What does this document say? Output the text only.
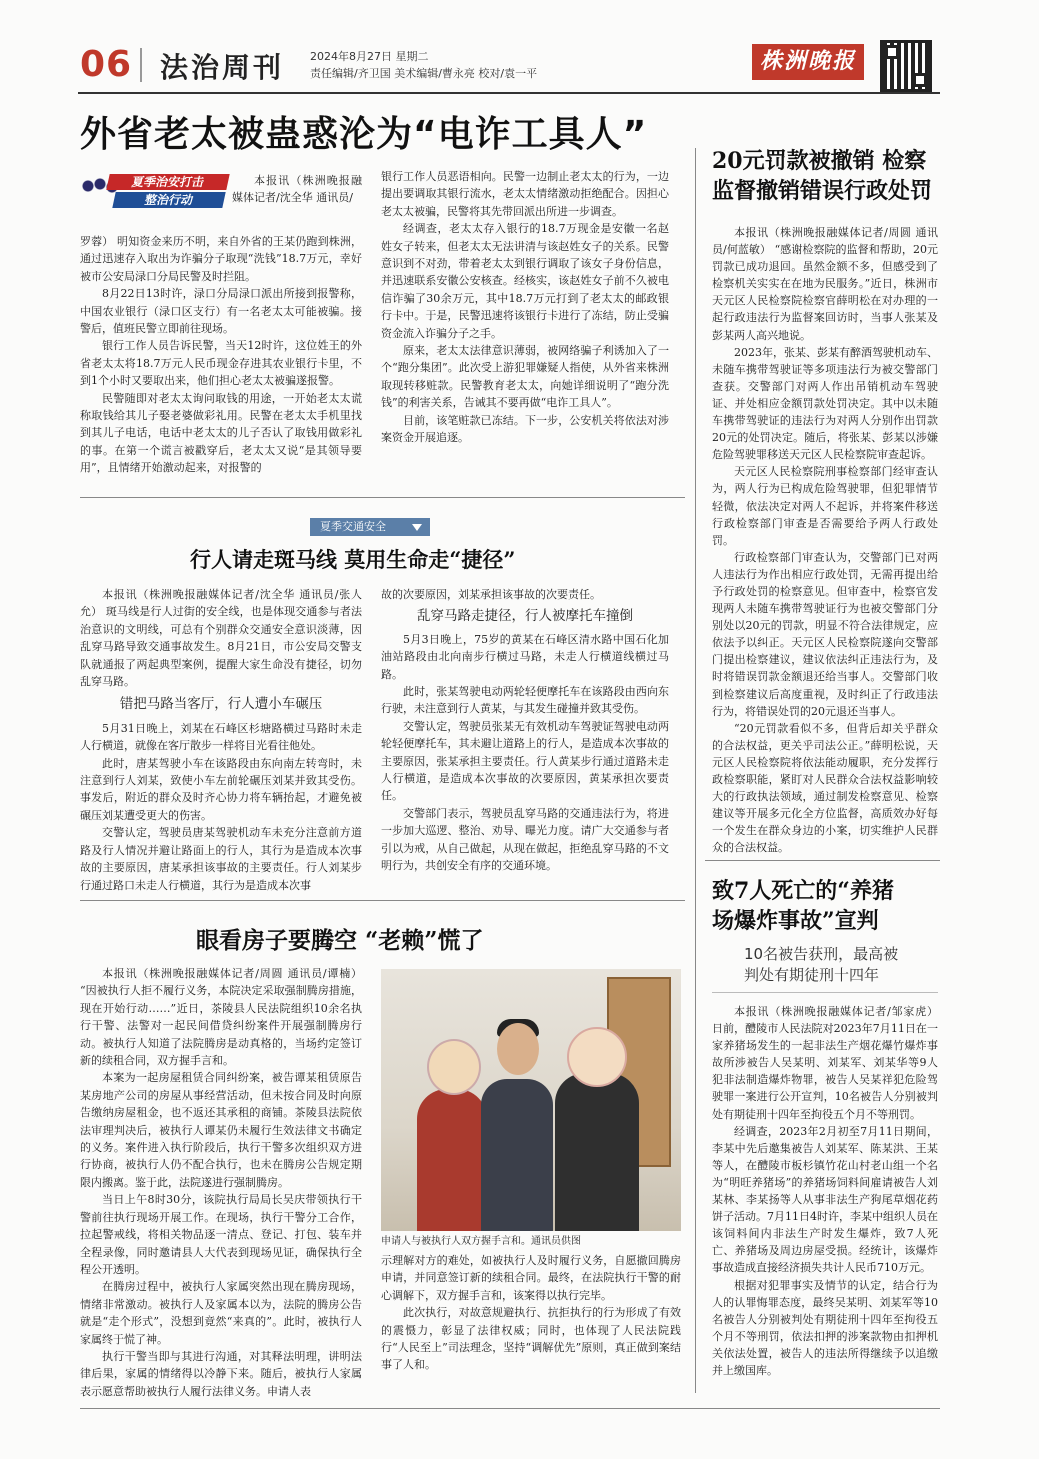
06 法治周刊 2024年8月27日 星期二
责任编辑/齐卫国 美术编辑/曹永亮 校对/袁一平	株洲晚报
外省老太被蛊惑沦为“电诈工具人”
夏季治安打击
整治行动

本报讯（株洲晚报融媒体记者/沈全华 通讯员/

罗蓉） 明知资金来历不明，来自外省的王某仍跑到株洲，通过迅速存入取出为诈骗分子取现“洗钱”18.7万元，幸好被市公安局渌口分局民警及时拦阻。

8月22日13时许，渌口分局渌口派出所接到报警称，中国农业银行（渌口区支行）有一名老太太可能被骗。接警后，值班民警立即前往现场。

银行工作人员告诉民警，当天12时许，这位姓王的外省老太太将18.7万元人民币现金存进其农业银行卡里，不到1个小时又要取出来，他们担心老太太被骗遂报警。

民警随即对老太太询问取钱的用途，一开始老太太谎称取钱给其儿子娶老婆做彩礼用。民警在老太太手机里找到其儿子电话，电话中老太太的儿子否认了取钱用做彩礼的事。在第一个谎言被戳穿后，老太太又说“是其领导要用”，且情绪开始激动起来，对报警的

银行工作人员恶语相向。民警一边制止老太太的行为，一边提出要调取其银行流水，老太太情绪激动拒绝配合。因担心老太太被骗，民警将其先带回派出所进一步调查。

经调查，老太太存入银行的18.7万现金是安徽一名赵姓女子转来，但老太太无法讲清与该赵姓女子的关系。民警意识到不对劲，带着老太太到银行调取了该女子身份信息，并迅速联系安徽公安核查。经核实，该赵姓女子前不久被电信诈骗了30余万元，其中18.7万元打到了老太太的邮政银行卡中。于是，民警迅速将该银行卡进行了冻结，防止受骗资金流入诈骗分子之手。

原来，老太太法律意识薄弱，被网络骗子利诱加入了一个“跑分集团”。此次受上游犯罪嫌疑人指使，从外省来株洲取现转移赃款。民警教育老太太，向她详细说明了“跑分洗钱”的利害关系，告诫其不要再做“电诈工具人”。

目前，该笔赃款已冻结。下一步，公安机关将依法对涉案资金开展追逐。

夏季交通安全
行人请走斑马线 莫用生命走“捷径”

本报讯（株洲晚报融媒体记者/沈全华 通讯员/张人允） 斑马线是行人过街的安全线，也是体现交通参与者法治意识的文明线，可总有个别群众交通安全意识淡薄，因乱穿马路导致交通事故发生。8月21日，市公安局交警支队就通报了两起典型案例，提醒大家生命没有捷径，切勿乱穿马路。

错把马路当客厅，行人遭小车碾压

5月31日晚上，刘某在石峰区杉塘路横过马路时未走人行横道，就像在客厅散步一样将目光看往他处。

此时，唐某驾驶小车在该路段由东向南左转弯时，未注意到行人刘某，致使小车左前轮碾压刘某并致其受伤。事发后，附近的群众及时齐心协力将车辆抬起，才避免被碾压刘某遭受更大的伤害。

交警认定，驾驶员唐某驾驶机动车未充分注意前方道路及行人情况并避让路面上的行人，其行为是造成本次事故的主要原因，唐某承担该事故的主要责任。行人刘某步行通过路口未走人行横道，其行为是造成本次事

故的次要原因，刘某承担该事故的次要责任。

乱穿马路走捷径，行人被摩托车撞倒

5月3日晚上，75岁的黄某在石峰区清水路中国石化加油站路段由北向南步行横过马路，未走人行横道线横过马路。

此时，张某驾驶电动两轮轻便摩托车在该路段由西向东行驶，未注意到行人黄某，与其发生碰撞并致其受伤。

交警认定，驾驶员张某无有效机动车驾驶证驾驶电动两轮轻便摩托车，其未避让道路上的行人，是造成本次事故的主要原因，张某承担主要责任。行人黄某步行通过道路未走人行横道，是造成本次事故的次要原因，黄某承担次要责任。

交警部门表示，驾驶员乱穿马路的交通违法行为，将进一步加大巡逻、整治、劝导、曝光力度。请广大交通参与者引以为戒，从自己做起，从现在做起，拒绝乱穿马路的不文明行为，共创安全有序的交通环境。

眼看房子要腾空 “老赖”慌了

本报讯（株洲晚报融媒体记者/周圆 通讯员/谭楠） “因被执行人拒不履行义务，本院决定采取强制腾房措施，现在开始行动……”近日，茶陵县人民法院组织10余名执行干警、法警对一起民间借贷纠纷案件开展强制腾房行动。被执行人知道了法院腾房是动真格的，当场约定签订新的续租合同，双方握手言和。

本案为一起房屋租赁合同纠纷案，被告谭某租赁原告某房地产公司的房屋从事经营活动，但未按合同及时向原告缴纳房屋租金，也不返还其承租的商铺。茶陵县法院依法审理判决后，被执行人谭某仍未履行生效法律文书确定的义务。案件进入执行阶段后，执行干警多次组织双方进行协商，被执行人仍不配合执行，也未在腾房公告规定期限内搬离。鉴于此，法院遂进行强制腾房。

当日上午8时30分，该院执行局局长吴庆带领执行干警前往执行现场开展工作。在现场，执行干警分工合作，拉起警戒线，将相关物品逐一清点、登记、打包、装车并全程录像，同时邀请县人大代表到现场见证，确保执行全程公开透明。

在腾房过程中，被执行人家属突然出现在腾房现场，情绪非常激动。被执行人及家属本以为，法院的腾房公告就是“走个形式”，没想到竟然“来真的”。此时，被执行人家属终于慌了神。

执行干警当即与其进行沟通，对其释法明理，讲明法律后果，家属的情绪得以冷静下来。随后，被执行人家属表示愿意帮助被执行人履行法律义务。申请人表

申请人与被执行人双方握手言和。通讯员供图

示理解对方的难处，如被执行人及时履行义务，自愿撤回腾房申请，并同意签订新的续租合同。最终，在法院执行干警的耐心调解下，双方握手言和，该案得以执行完毕。

此次执行，对故意规避执行、抗拒执行的行为形成了有效的震慑力，彰显了法律权威；同时，也体现了人民法院践行“人民至上”司法理念，坚持“调解优先”原则，真正做到案结事了人和。

20元罚款被撤销 检察
监督撤销错误行政处罚

本报讯（株洲晚报融媒体记者/周圆 通讯员/何蓝敏） “感谢检察院的监督和帮助，20元罚款已成功退回。虽然金额不多，但感受到了检察机关实实在在地为民服务。”近日，株洲市天元区人民检察院检察官薛明松在对办理的一起行政违法行为监督案回访时，当事人张某及彭某两人高兴地说。

2023年，张某、彭某有醉酒驾驶机动车、未随车携带驾驶证等多项违法行为被交警部门查获。交警部门对两人作出吊销机动车驾驶证、并处相应金额罚款处罚决定。其中以未随车携带驾驶证的违法行为对两人分别作出罚款20元的处罚决定。随后，将张某、彭某以涉嫌危险驾驶罪移送天元区人民检察院审查起诉。

天元区人民检察院刑事检察部门经审查认为，两人行为已构成危险驾驶罪，但犯罪情节轻微，依法决定对两人不起诉，并将案件移送行政检察部门审查是否需要给予两人行政处罚。

行政检察部门审查认为，交警部门已对两人违法行为作出相应行政处罚，无需再提出给予行政处罚的检察意见。但审查中，检察官发现两人未随车携带驾驶证行为也被交警部门分别处以20元的罚款，明显不符合法律规定，应依法予以纠正。天元区人民检察院遂向交警部门提出检察建议，建议依法纠正违法行为，及时将错误罚款金额退还给当事人。交警部门收到检察建议后高度重视，及时纠正了行政违法行为，将错误处罚的20元退还当事人。

“20元罚款看似不多，但背后却关乎群众的合法权益，更关乎司法公正。”薛明松说，天元区人民检察院将依法能动履职，充分发挥行政检察职能，紧盯对人民群众合法权益影响较大的行政执法领域，通过制发检察意见、检察建议等开展多元化全方位监督，高质效办好每一个发生在群众身边的小案，切实维护人民群众的合法权益。

致7人死亡的“养猪
场爆炸事故”宣判
10名被告获刑，最高被
判处有期徒刑十四年

本报讯（株洲晚报融媒体记者/邹家虎） 日前，醴陵市人民法院对2023年7月11日在一家养猪场发生的一起非法生产烟花爆竹爆炸事故所涉被告人吴某明、刘某军、刘某华等9人犯非法制造爆炸物罪，被告人吴某祥犯危险驾驶罪一案进行公开宣判，10名被告人分别被判处有期徒刑十四年至拘役五个月不等刑罚。

经调查，2023年2月初至7月11日期间，李某中先后邀集被告人刘某军、陈某洪、王某等人，在醴陵市板杉镇竹花山村老山组一个名为“明旺养猪场”的养猪场饲料间雇请被告人刘某林、李某扬等人从事非法生产狗尾草烟花药饼子活动。7月11日4时许，李某中组织人员在该饲料间内非法生产时发生爆炸，致7人死亡、养猪场及周边房屋受损。经统计，该爆炸事故造成直接经济损失共计人民币710万元。

根据对犯罪事实及情节的认定，结合行为人的认罪悔罪态度，最终吴某明、刘某军等10名被告人分别被判处有期徒刑十四年至拘役五个月不等刑罚，依法扣押的涉案款物由扣押机关依法处置，被告人的违法所得继续予以追缴并上缴国库。
